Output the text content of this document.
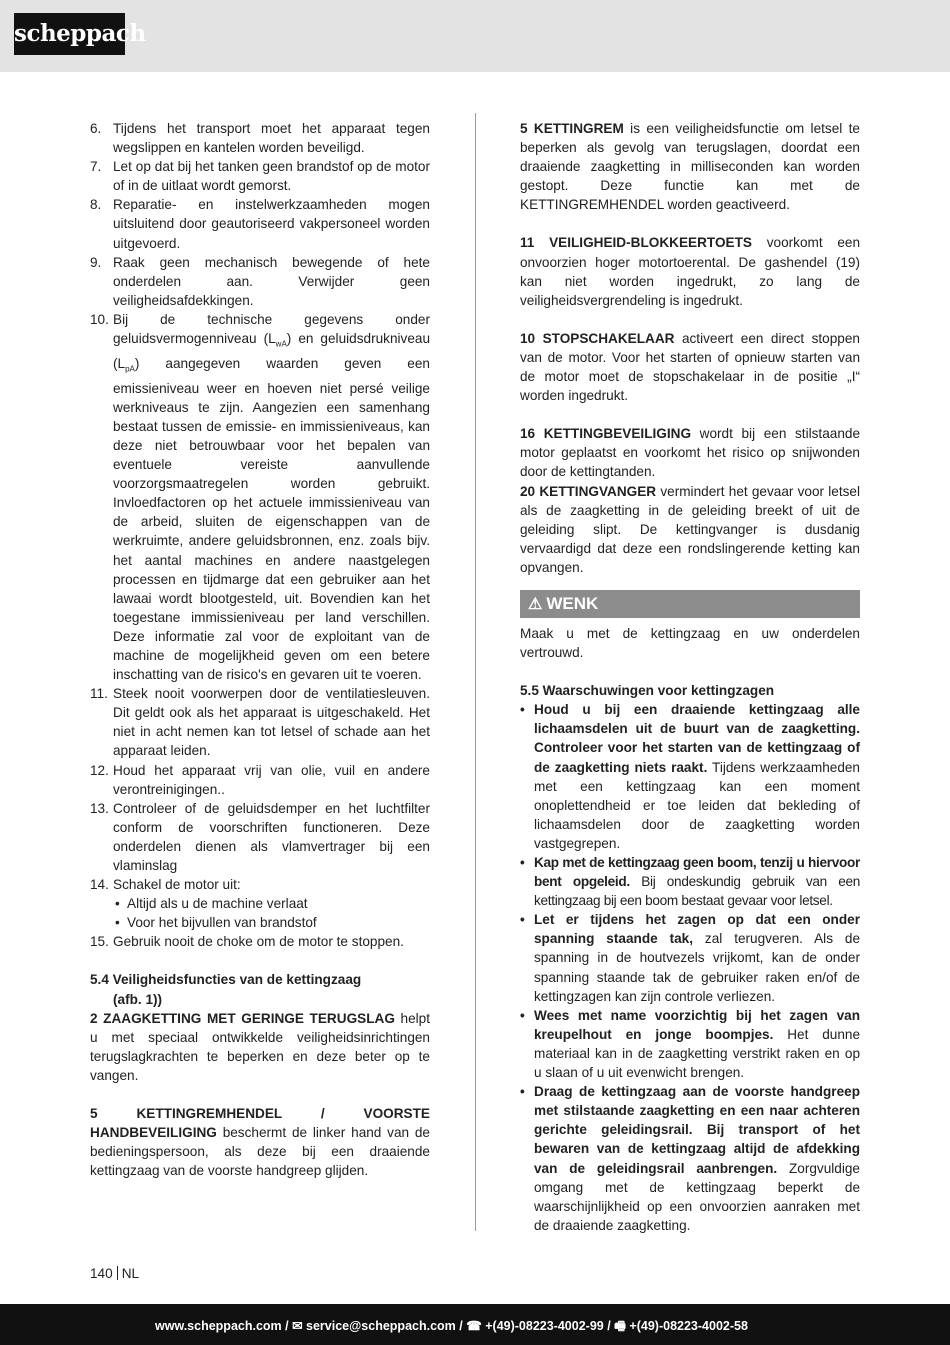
scheppach
6. Tijdens het transport moet het apparaat tegen wegslippen en kantelen worden beveiligd.
7. Let op dat bij het tanken geen brandstof op de motor of in de uitlaat wordt gemorst.
8. Reparatie- en instelwerkzaamheden mogen uitsluitend door geautoriseerd vakpersoneel worden uitgevoerd.
9. Raak geen mechanisch bewegende of hete onderdelen aan. Verwijder geen veiligheidsafdekkingen.
10. Bij de technische gegevens onder geluidsvermogenniveau $(L_{wA})$ en geluidsdrukniveau $(L_{pA})$ aangegeven waarden geven een emissieniveau weer en hoeven niet persé veilige werkniveaus te zijn. Aangezien een samenhang bestaat tussen de emissie- en immissieniveaus, kan deze niet betrouwbaar voor het bepalen van eventuele vereiste aanvullende voorzorgsmaatregelen worden gebruikt. Invloedfactoren op het actuele immissieniveau van de arbeid, sluiten de eigenschappen van de werkruimte, andere geluidsbronnen, enz. zoals bijv. het aantal machines en andere naastgelegen processen en tijdmarge dat een gebruiker aan het lawaai wordt blootgesteld, uit. Bovendien kan het toegestane immissieniveau per land verschillen. Deze informatie zal voor de exploitant van de machine de mogelijkheid geven om een betere inschatting van de risico's en gevaren uit te voeren.
11. Steek nooit voorwerpen door de ventilatiesleuven. Dit geldt ook als het apparaat is uitgeschakeld. Het niet in acht nemen kan tot letsel of schade aan het apparaat leiden.
12. Houd het apparaat vrij van olie, vuil en andere verontreinigingen..
13. Controleer of de geluidsdemper en het luchtfilter conform de voorschriften functioneren. Deze onderdelen dienen als vlamvertrager bij een vlaminslag
14. Schakel de motor uit:
• Altijd als u de machine verlaat
• Voor het bijvullen van brandstof
15. Gebruik nooit de choke om de motor te stoppen.

5.4 Veiligheidsfuncties van de kettingzaag

(afb. 1))

2 ZAAGKETTING MET GERINGE TERUGSLAG helpt u met speciaal ontwikkelde veiligheidsinrichtingen terugslagkrachten te beperken en deze beter op te vangen.

5 KETTINGREMHENDEL / VOORSTE HANDBEVEILIGING beschermt de linker hand van de bedieningspersoon, als deze bij een draaiende kettingzaag van de voorste handgreep glijden.

5 KETTINGREM is een veiligheidsfunctie om letsel te beperken als gevolg van terugslagen, doordat een draaiende zaagketting in milliseconden kan worden gestopt. Deze functie kan met de KETTINGREMHENDEL worden geactiveerd.

11 VEILIGHEID-BLOKKEERTOETS voorkomt een onvoorzien hoger motortoerental. De gashendel (19) kan niet worden ingedrukt, zo lang de veiligheidsvergrendeling is ingedrukt.

10 STOPSCHAKELAAR activeert een direct stoppen van de motor. Voor het starten of opnieuw starten van de motor moet de stopschakelaar in de positie „I“ worden ingedrukt.

16 KETTINGBEVEILIGING wordt bij een stilstaande motor geplaatst en voorkomt het risico op snijwonden door de kettingtanden.

20 KETTINGVANGER vermindert het gevaar voor letsel als de zaagketting in de geleiding breekt of uit de geleiding slipt. De kettingvanger is dusdanig vervaardigd dat deze een rondslingerende ketting kan opvangen.

⚠ WENK

Maak u met de kettingzaag en uw onderdelen vertrouwd.

5.5 Waarschuwingen voor kettingzagen

• Houd u bij een draaiende kettingzaag alle lichaamsdelen uit de buurt van de zaagketting. Controleer voor het starten van de kettingzaag of de zaagketting niets raakt. Tijdens werkzaamheden met een kettingzaag kan een moment onoplettendheid er toe leiden dat bekleding of lichaamsdelen door de zaagketting worden vastgegrepen.
• Kap met de kettingzaag geen boom, tenzij u hiervoor bent opgeleid. Bij ondeskundig gebruik van een kettingzaag bij een boom bestaat gevaar voor letsel.
• Let er tijdens het zagen op dat een onder spanning staande tak, zal terugveren. Als de spanning in de houtvezels vrijkomt, kan de onder spanning staande tak de gebruiker raken en/of de kettingzagen kan zijn controle verliezen.
• Wees met name voorzichtig bij het zagen van kreupelhout en jonge boompjes. Het dunne materiaal kan in de zaagketting verstrikt raken en op u slaan of u uit evenwicht brengen.
• Draag de kettingzaag aan de voorste handgreep met stilstaande zaagketting en een naar achteren gerichte geleidingsrail. Bij transport of het bewaren van de kettingzaag altijd de afdekking van de geleidingsrail aanbrengen. Zorgvuldige omgang met de kettingzaag beperkt de waarschijnlijkheid op een onvoorzien aanraken met de draaiende zaagketting.
140 NL
www.scheppach.com / ✉ service@scheppach.com / ☎ +(49)-08223-4002-99 / 🖷 +(49)-08223-4002-58
